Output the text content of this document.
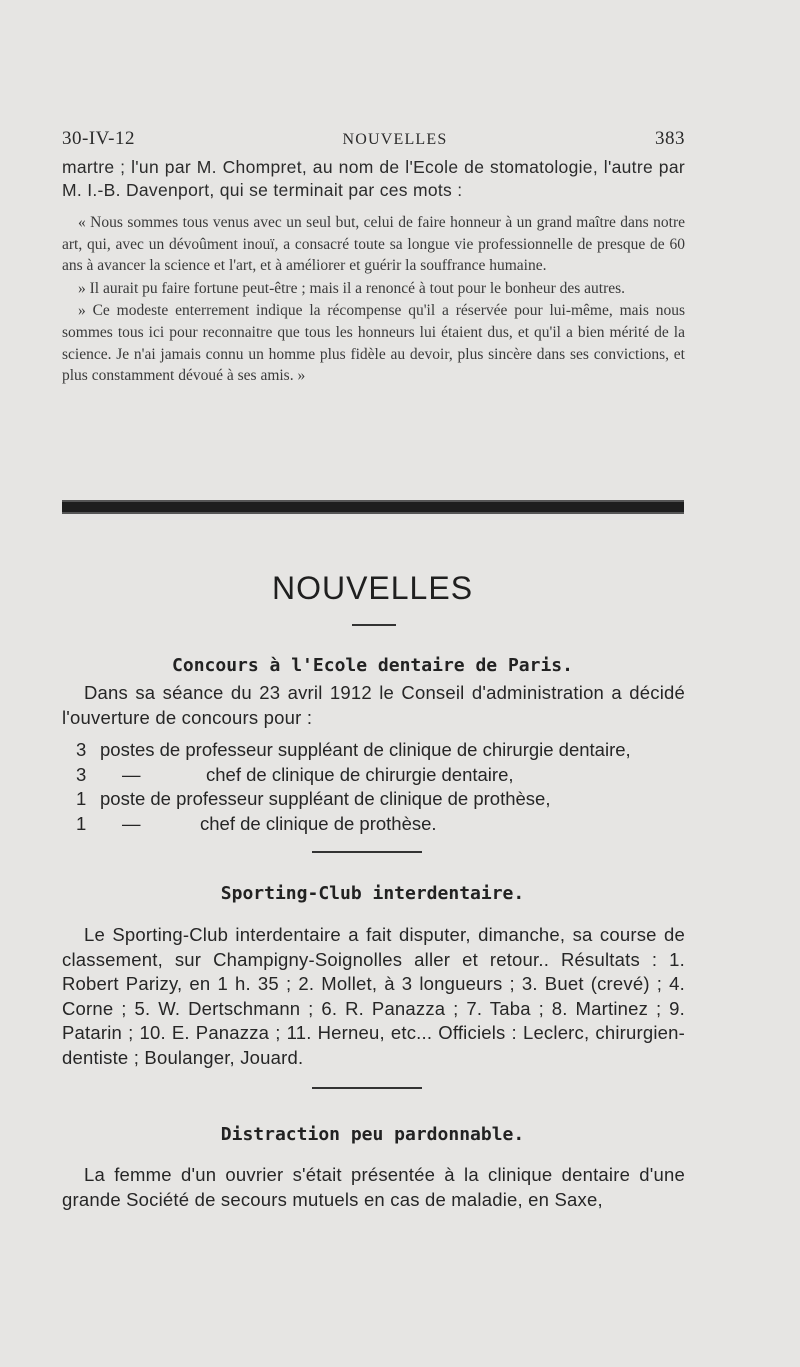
30-IV-12	NOUVELLES	383
martre ; l'un par M. Chompret, au nom de l'Ecole de stomatologie, l'autre par M. I.-B. Davenport, qui se terminait par ces mots :

« Nous sommes tous venus avec un seul but, celui de faire honneur à un grand maître dans notre art, qui, avec un dévoûment inouï, a consacré toute sa longue vie professionnelle de presque de 60 ans à avancer la science et l'art, et à améliorer et guérir la souffrance humaine.

» Il aurait pu faire fortune peut-être ; mais il a renoncé à tout pour le bonheur des autres.

» Ce modeste enterrement indique la récompense qu'il a réservée pour lui-même, mais nous sommes tous ici pour reconnaitre que tous les honneurs lui étaient dus, et qu'il a bien mérité de la science. Je n'ai jamais connu un homme plus fidèle au devoir, plus sincère dans ses convictions, et plus constamment dévoué à ses amis. »

NOUVELLES
Concours à l'Ecole dentaire de Paris.

Dans sa séance du 23 avril 1912 le Conseil d'administration a décidé l'ouverture de concours pour :

3 postes de professeur suppléant de clinique de chirurgie dentaire,
3 —	chef de clinique de chirurgie dentaire,
1 poste de professeur suppléant de clinique de prothèse,
1 —	chef de clinique de prothèse.
Sporting-Club interdentaire.

Le Sporting-Club interdentaire a fait disputer, dimanche, sa course de classement, sur Champigny-Soignolles aller et retour.. Résultats : 1. Robert Parizy, en 1 h. 35 ; 2. Mollet, à 3 longueurs ; 3. Buet (crevé) ; 4. Corne ; 5. W. Dertschmann ; 6. R. Panazza ; 7. Taba ; 8. Martinez ; 9. Patarin ; 10. E. Panazza ; 11. Herneu, etc... Officiels : Leclerc, chirurgien-dentiste ; Boulanger, Jouard.

Distraction peu pardonnable.

La femme d'un ouvrier s'était présentée à la clinique dentaire d'une grande Société de secours mutuels en cas de maladie, en Saxe,
